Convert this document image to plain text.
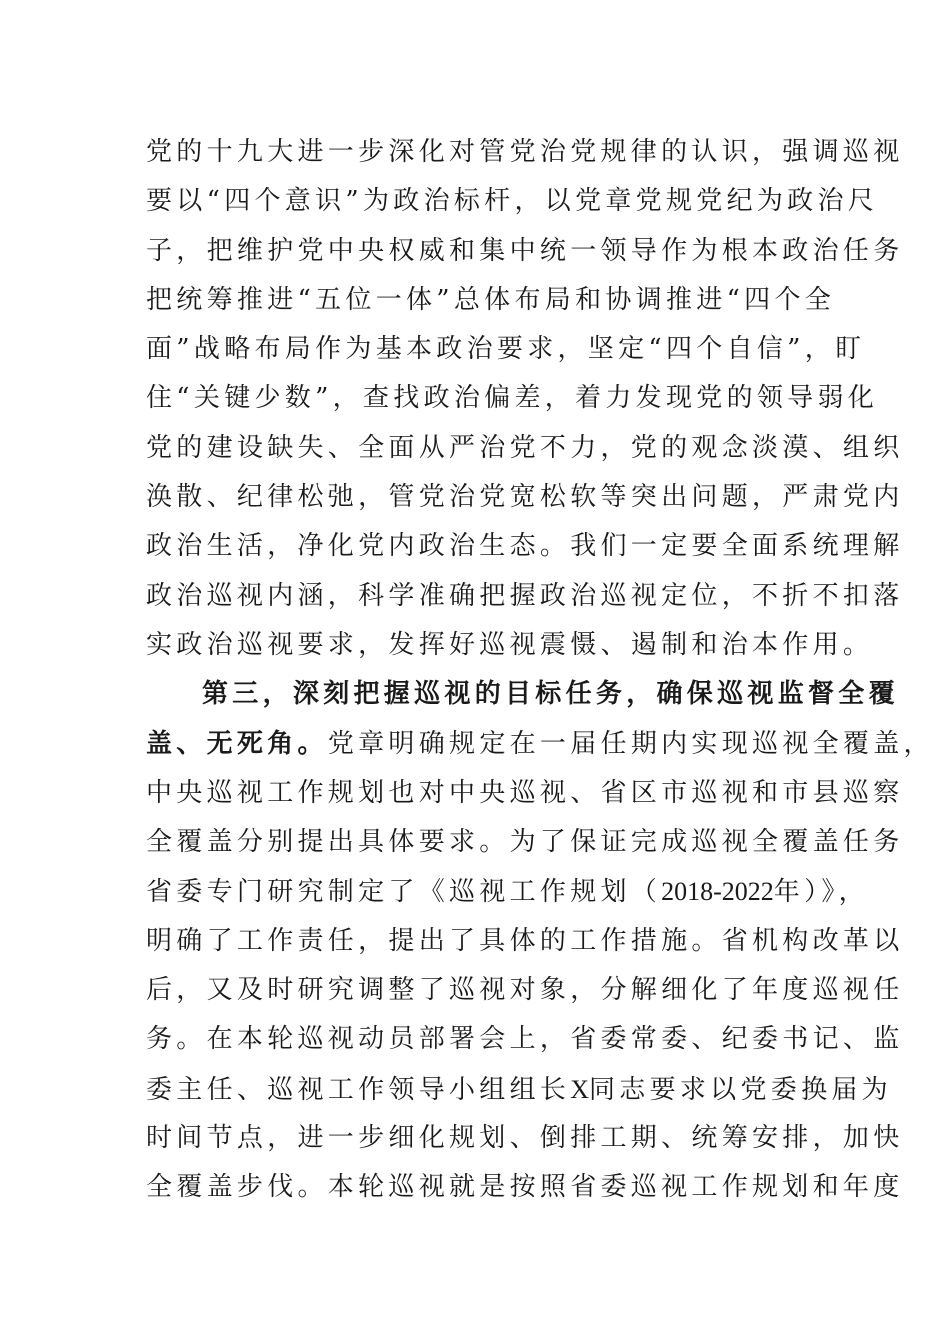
党的十九大进一步深化对管党治党规律的认识，强调巡视
要以“四个意识”为政治标杆，以党章党规党纪为政治尺
子，把维护党中央权威和集中统一领导作为根本政治任务
把统筹推进“五位一体”总体布局和协调推进“四个全
面”战略布局作为基本政治要求，坚定“四个自信”，盯
住“关键少数”，查找政治偏差，着力发现党的领导弱化
党的建设缺失、全面从严治党不力，党的观念淡漠、组织
涣散、纪律松弛，管党治党宽松软等突出问题，严肃党内
政治生活，净化党内政治生态。我们一定要全面系统理解
政治巡视内涵，科学准确把握政治巡视定位，不折不扣落
实政治巡视要求，发挥好巡视震慑、遏制和治本作用。
第三，深刻把握巡视的目标任务，确保巡视监督全覆
盖、无死角。党章明确规定在一届任期内实现巡视全覆盖，
中央巡视工作规划也对中央巡视、省区市巡视和市县巡察
全覆盖分别提出具体要求。为了保证完成巡视全覆盖任务
省委专门研究制定了《巡视工作规划（2018-2022年）》，
明确了工作责任，提出了具体的工作措施。省机构改革以
后，又及时研究调整了巡视对象，分解细化了年度巡视任
务。在本轮巡视动员部署会上，省委常委、纪委书记、监
委主任、巡视工作领导小组组长X同志要求以党委换届为
时间节点，进一步细化规划、倒排工期、统筹安排，加快
全覆盖步伐。本轮巡视就是按照省委巡视工作规划和年度
